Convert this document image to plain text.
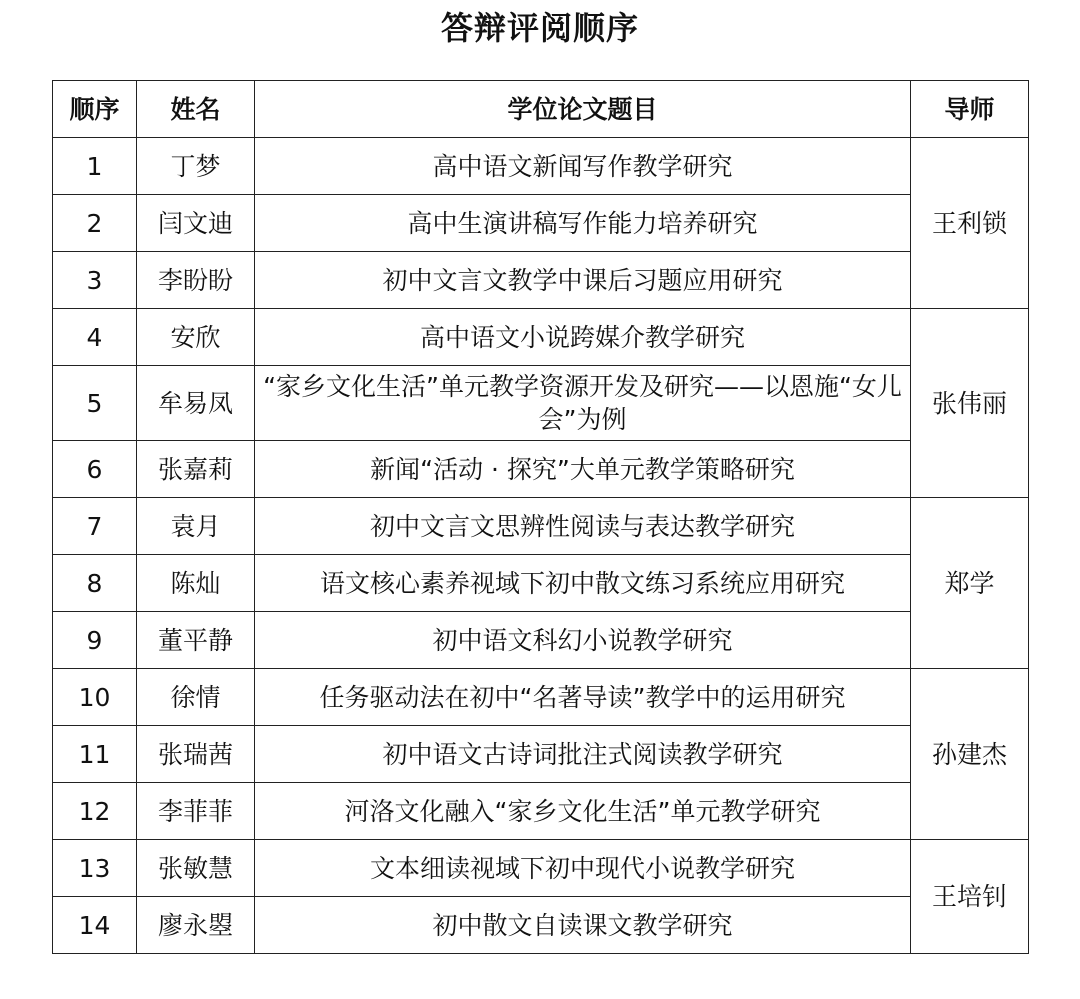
答辩评阅顺序
顺序	姓名	学位论文题目	导师
1	丁梦	高中语文新闻写作教学研究	王利锁
2	闫文迪	高中生演讲稿写作能力培养研究	
3	李盼盼	初中文言文教学中课后习题应用研究	
4	安欣	高中语文小说跨媒介教学研究	张伟丽
5	牟易凤	“家乡文化生活”单元教学资源开发及研究——以恩施“女儿会”为例	
6	张嘉莉	新闻“活动 · 探究”大单元教学策略研究	
7	袁月	初中文言文思辨性阅读与表达教学研究	郑学
8	陈灿	语文核心素养视域下初中散文练习系统应用研究	
9	董平静	初中语文科幻小说教学研究	
10	徐情	任务驱动法在初中“名著导读”教学中的运用研究	孙建杰
11	张瑞茜	初中语文古诗词批注式阅读教学研究	
12	李菲菲	河洛文化融入“家乡文化生活”单元教学研究	
13	张敏慧	文本细读视域下初中现代小说教学研究	王培钊
14	廖永曌	初中散文自读课文教学研究	
